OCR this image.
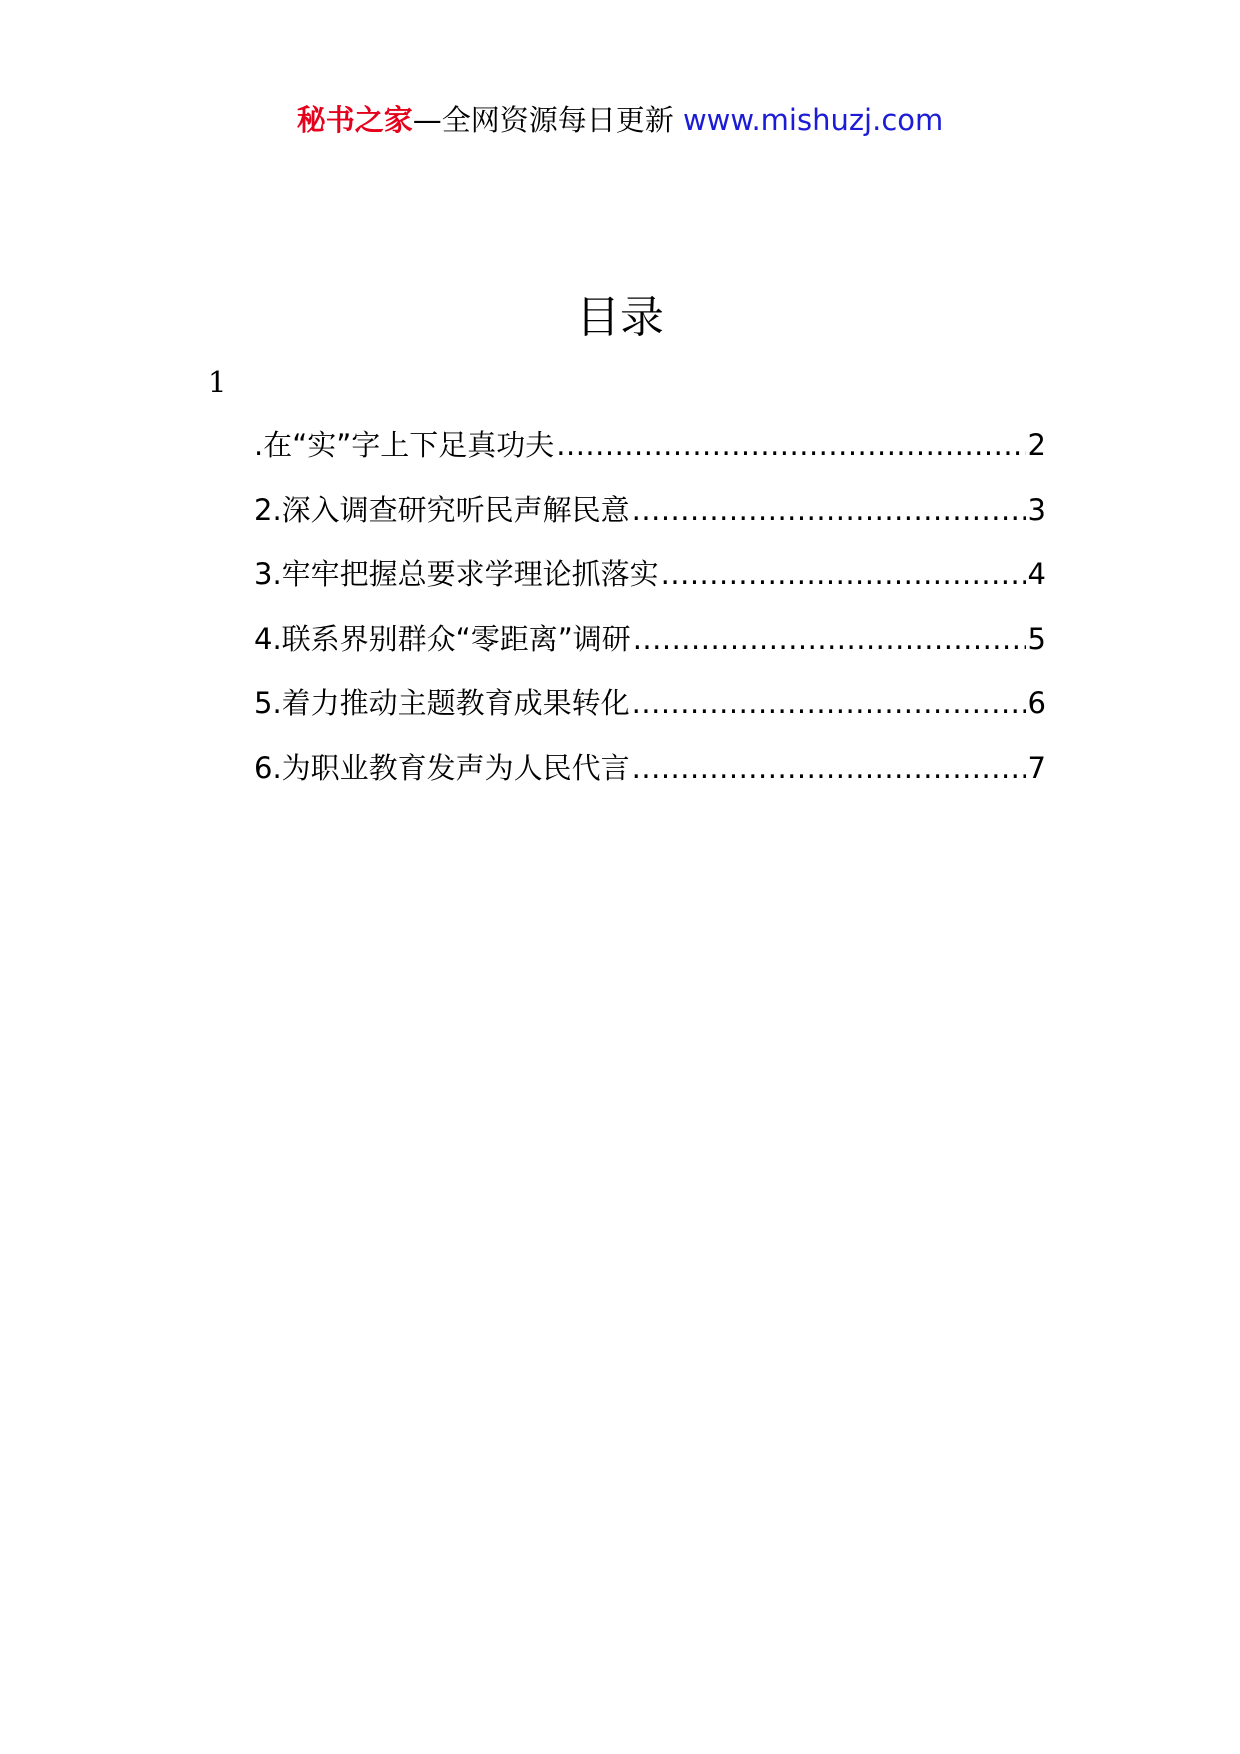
秘书之家—全网资源每日更新 www.mishuzj.com
目录
1
.在“实”字上下足真功夫 .....	2
2.深入调查研究听民声解民意 .....	3
3.牢牢把握总要求学理论抓落实 .....	4
4.联系界别群众“零距离”调研 .....	5
5.着力推动主题教育成果转化 .....	6
6.为职业教育发声为人民代言 .....	7
